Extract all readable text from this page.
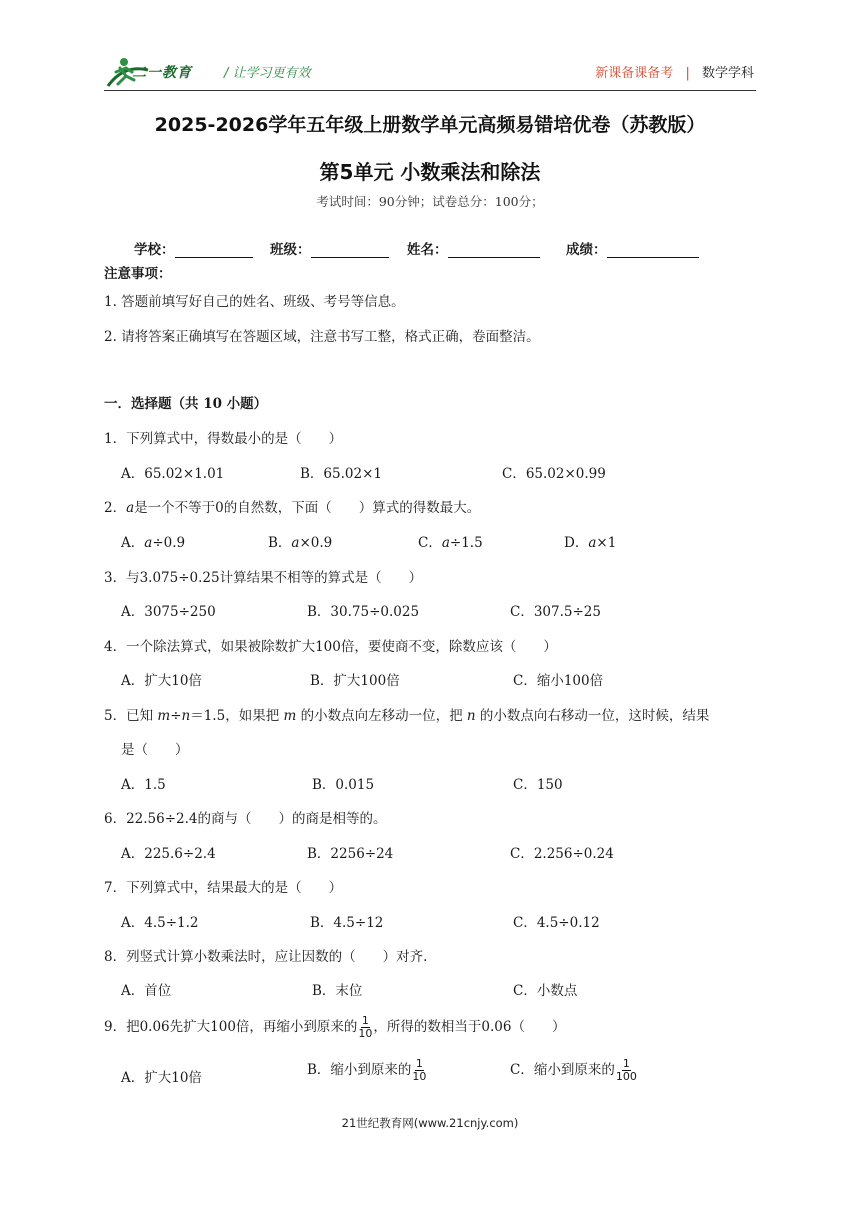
二一教育 / 让学习更有效	新课备课备考 | 数学学科
2025-2026学年五年级上册数学单元高频易错培优卷（苏教版）
第5单元 小数乘法和除法
考试时间：90分钟；试卷总分：100分；
学校：	班级：	姓名：	成绩：
注意事项：
1. 答题前填写好自己的姓名、班级、考号等信息。
2. 请将答案正确填写在答题区域，注意书写工整，格式正确，卷面整洁。
一．选择题（共 10 小题）
1．下列算式中，得数最小的是（　　）
A．65.02×1.01	B．65.02×1	C．65.02×0.99
2．a是一个不等于0的自然数，下面（　　）算式的得数最大。
A．a÷0.9	B．a×0.9	C．a÷1.5	D．a×1
3．与3.075÷0.25计算结果不相等的算式是（　　）
A．3075÷250	B．30.75÷0.025	C．307.5÷25
4．一个除法算式，如果被除数扩大100倍，要使商不变，除数应该（　　）
A．扩大10倍	B．扩大100倍	C．缩小100倍
5．已知 m÷n＝1.5，如果把 m 的小数点向左移动一位，把 n 的小数点向右移动一位，这时候，结果
是（　　）
A．1.5	B．0.015	C．150
6．22.56÷2.4的商与（　　）的商是相等的。
A．225.6÷2.4	B．2256÷24	C．2.256÷0.24
7．下列算式中，结果最大的是（　　）
A．4.5÷1.2	B．4.5÷12	C．4.5÷0.12
8．列竖式计算小数乘法时，应让因数的（　　）对齐.
A．首位	B．末位	C．小数点
9．把0.06先扩大100倍，再缩小到原来的 $\frac{1}{10}$ ，所得的数相当于0.06（　　）
A．扩大10倍	B．缩小到原来的 $\frac{1}{10}$	C．缩小到原来的 $\frac{1}{100}$
21世纪教育网(www.21cnjy.com)
